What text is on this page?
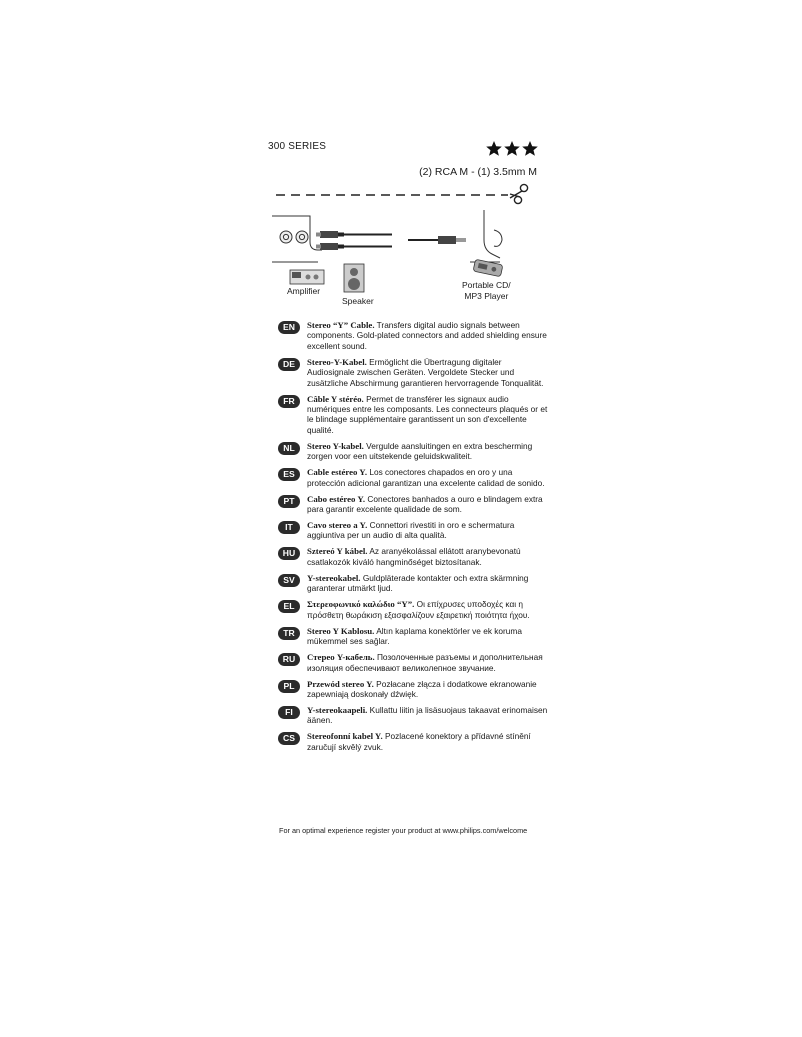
300 SERIES
(2) RCA M - (1) 3.5mm M
Amplifier
Speaker
Portable CD/
MP3 Player
EN	Stereo “Y” Cable. Transfers digital audio signals between components. Gold-plated connectors and added shielding ensure excellent sound.
DE	Stereo-Y-Kabel. Ermöglicht die Übertragung digitaler Audiosignale zwischen Geräten. Vergoldete Stecker und zusätzliche Abschirmung garantieren hervorragende Tonqualität.
FR	Câble Y stéréo. Permet de transférer les signaux audio numériques entre les composants. Les connecteurs plaqués or et le blindage supplémentaire garantissent un son d'excellente qualité.
NL	Stereo Y-kabel. Vergulde aansluitingen en extra bescherming zorgen voor een uitstekende geluidskwaliteit.
ES	Cable estéreo Y. Los conectores chapados en oro y una protección adicional garantizan una excelente calidad de sonido.
PT	Cabo estéreo Y. Conectores banhados a ouro e blindagem extra para garantir excelente qualidade de som.
IT	Cavo stereo a Y. Connettori rivestiti in oro e schermatura aggiuntiva per un audio di alta qualità.
HU	Sztereó Y kábel. Az aranyékolással ellátott aranybevonatú csatlakozók kiváló hangminőséget biztosítanak.
SV	Y-stereokabel. Guldpläterade kontakter och extra skärmning garanterar utmärkt ljud.
EL	Στερεοφωνικό καλώδιο “Y”. Οι επίχρυσες υποδοχές και η πρόσθετη θωράκιση εξασφαλίζουν εξαιρετική ποιότητα ήχου.
TR	Stereo Y Kablosu. Altın kaplama konektörler ve ek koruma mükemmel ses sağlar.
RU	Стерео Y-кабель. Позолоченные разъемы и дополнительная изоляция обеспечивают великолепное звучание.
PL	Przewód stereo Y. Pozłacane złącza i dodatkowe ekranowanie zapewniają doskonały dźwięk.
FI	Y-stereokaapeli. Kullattu liitin ja lisäsuojaus takaavat erinomaisen äänen.
CS	Stereofonní kabel Y. Pozlacené konektory a přídavné stínění zaručují skvělý zvuk.
For an optimal experience register your product at www.philips.com/welcome
